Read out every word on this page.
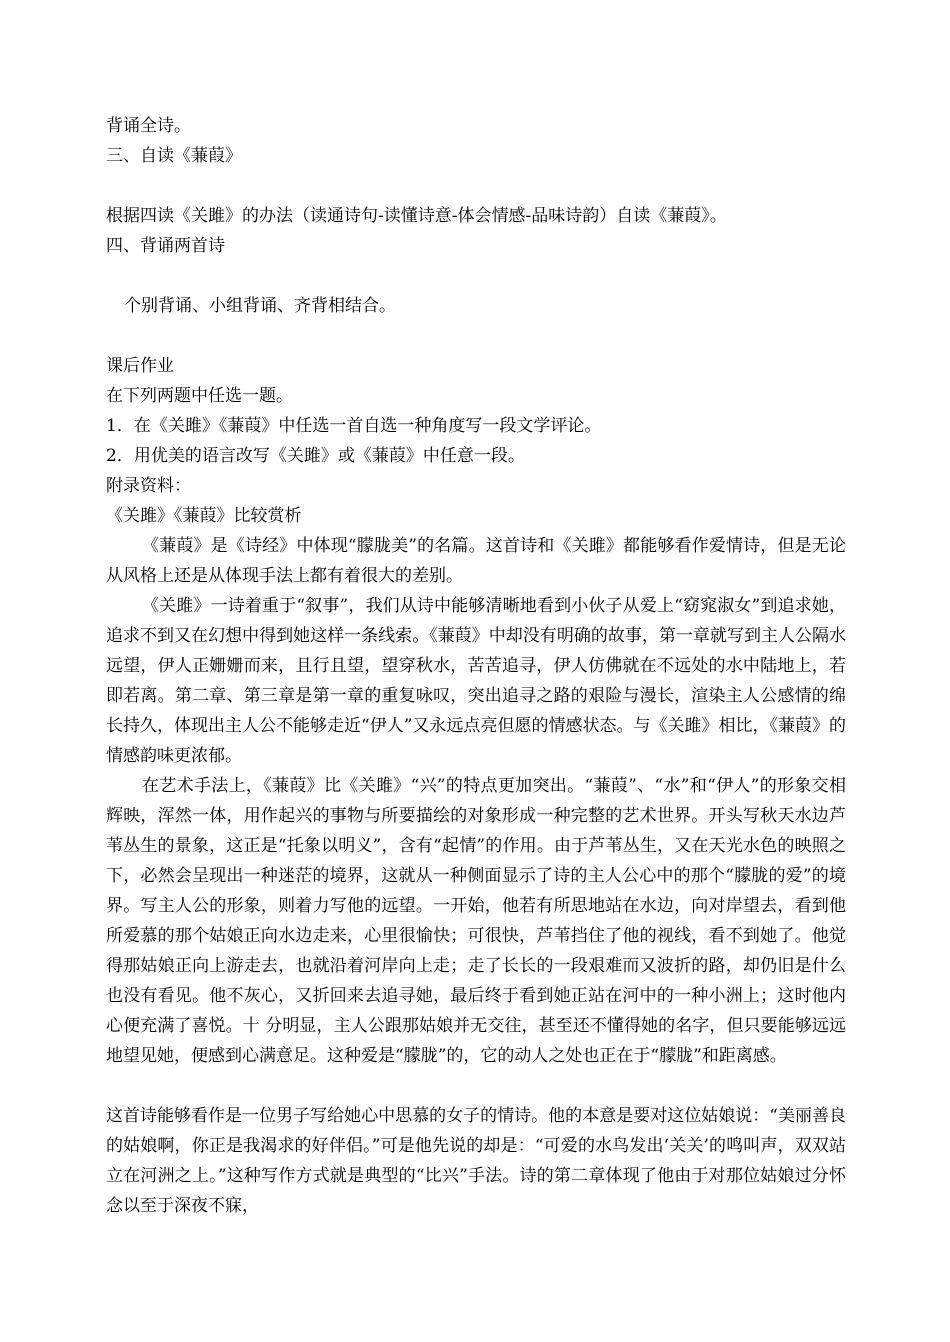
背诵全诗。
三、自读《蒹葭》
根据四读《关雎》的办法（读通诗句-读懂诗意-体会情感-品味诗韵）自读《蒹葭》。
四、背诵两首诗
个别背诵、小组背诵、齐背相结合。
课后作业
在下列两题中任选一题。
1．在《关雎》《蒹葭》中任选一首自选一种角度写一段文学评论。
2．用优美的语言改写《关雎》或《蒹葭》中任意一段。
附录资料：
《关雎》《蒹葭》比较赏析

《蒹葭》是《诗经》中体现“朦胧美”的名篇。这首诗和《关雎》都能够看作爱情诗，但是无论从风格上还是从体现手法上都有着很大的差别。

《关雎》一诗着重于“叙事”，我们从诗中能够清晰地看到小伙子从爱上“窈窕淑女”到追求她，追求不到又在幻想中得到她这样一条线索。《蒹葭》中却没有明确的故事，第一章就写到主人公隔水远望，伊人正姗姗而来，且行且望，望穿秋水，苦苦追寻，伊人仿佛就在不远处的水中陆地上，若即若离。第二章、第三章是第一章的重复咏叹，突出追寻之路的艰险与漫长，渲染主人公感情的绵长持久，体现出主人公不能够走近“伊人”又永远点亮但愿的情感状态。与《关雎》相比，《蒹葭》的情感韵味更浓郁。

在艺术手法上，《蒹葭》比《关雎》“兴”的特点更加突出。“蒹葭”、“水”和“伊人”的形象交相辉映，浑然一体，用作起兴的事物与所要描绘的对象形成一种完整的艺术世界。开头写秋天水边芦苇丛生的景象，这正是“托象以明义”，含有“起情”的作用。由于芦苇丛生，又在天光水色的映照之下，必然会呈现出一种迷茫的境界，这就从一种侧面显示了诗的主人公心中的那个“朦胧的爱”的境界。写主人公的形象，则着力写他的远望。一开始，他若有所思地站在水边，向对岸望去，看到他所爱慕的那个姑娘正向水边走来，心里很愉快；可很快，芦苇挡住了他的视线，看不到她了。他觉得那姑娘正向上游走去，也就沿着河岸向上走；走了长长的一段艰难而又波折的路，却仍旧是什么也没有看见。他不灰心，又折回来去追寻她，最后终于看到她正站在河中的一种小洲上；这时他内心便充满了喜悦。十 分明显，主人公跟那姑娘并无交往，甚至还不懂得她的名字，但只要能够远远地望见她，便感到心满意足。这种爱是“朦胧”的，它的动人之处也正在于“朦胧”和距离感。

这首诗能够看作是一位男子写给她心中思慕的女子的情诗。他的本意是要对这位姑娘说：“美丽善良的姑娘啊，你正是我渴求的好伴侣。”可是他先说的却是：“可爱的水鸟发出‘关关’的鸣叫声，双双站立在河洲之上。”这种写作方式就是典型的“比兴”手法。诗的第二章体现了他由于对那位姑娘过分怀念以至于深夜不寐，
